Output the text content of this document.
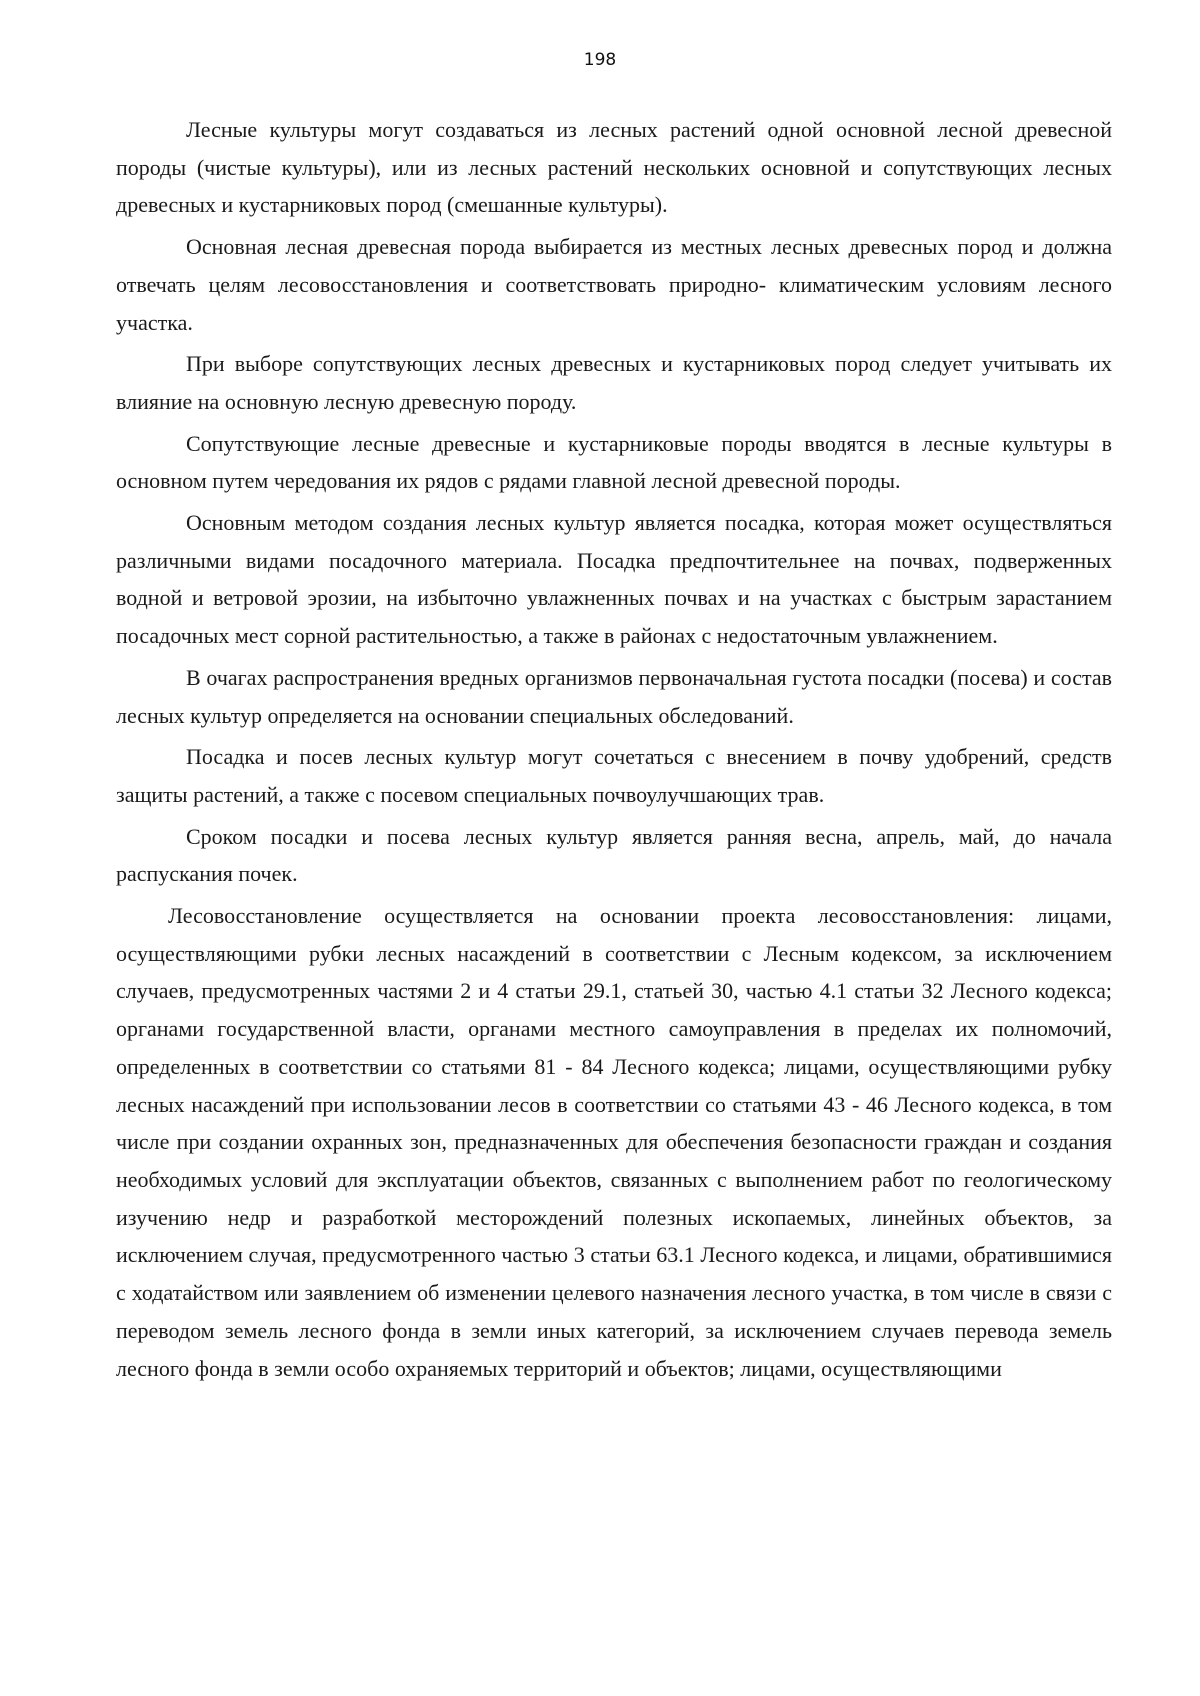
198

Лесные культуры могут создаваться из лесных растений одной основной лесной древесной породы (чистые культуры), или из лесных растений нескольких основной и сопутствующих лесных древесных и кустарниковых пород (смешанные культуры).

Основная лесная древесная порода выбирается из местных лесных древесных пород и должна отвечать целям лесовосстановления и соответствовать природно- климатическим условиям лесного участка.

При выборе сопутствующих лесных древесных и кустарниковых пород следует учитывать их влияние на основную лесную древесную породу.

Сопутствующие лесные древесные и кустарниковые породы вводятся в лесные культуры в основном путем чередования их рядов с рядами главной лесной древесной породы.

Основным методом создания лесных культур является посадка, которая может осуществляться различными видами посадочного материала. Посадка предпочтительнее на почвах, подверженных водной и ветровой эрозии, на избыточно увлажненных почвах и на участках с быстрым зарастанием посадочных мест сорной растительностью, а также в районах с недостаточным увлажнением.

В очагах распространения вредных организмов первоначальная густота посадки (посева) и состав лесных культур определяется на основании специальных обследований.

Посадка и посев лесных культур могут сочетаться с внесением в почву удобрений, средств защиты растений, а также с посевом специальных почвоулучшающих трав.

Сроком посадки и посева лесных культур является ранняя весна, апрель, май, до начала распускания почек.

Лесовосстановление осуществляется на основании проекта лесовосстановления: лицами, осуществляющими рубки лесных насаждений в соответствии с Лесным кодексом, за исключением случаев, предусмотренных частями 2 и 4 статьи 29.1, статьей 30, частью 4.1 статьи 32 Лесного кодекса; органами государственной власти, органами местного самоуправления в пределах их полномочий, определенных в соответствии со статьями 81 - 84 Лесного кодекса; лицами, осуществляющими рубку лесных насаждений при использовании лесов в соответствии со статьями 43 - 46 Лесного кодекса, в том числе при создании охранных зон, предназначенных для обеспечения безопасности граждан и создания необходимых условий для эксплуатации объектов, связанных с выполнением работ по геологическому изучению недр и разработкой месторождений полезных ископаемых, линейных объектов, за исключением случая, предусмотренного частью 3 статьи 63.1 Лесного кодекса, и лицами, обратившимися с ходатайством или заявлением об изменении целевого назначения лесного участка, в том числе в связи с переводом земель лесного фонда в земли иных категорий, за исключением случаев перевода земель лесного фонда в земли особо охраняемых территорий и объектов; лицами, осуществляющими
